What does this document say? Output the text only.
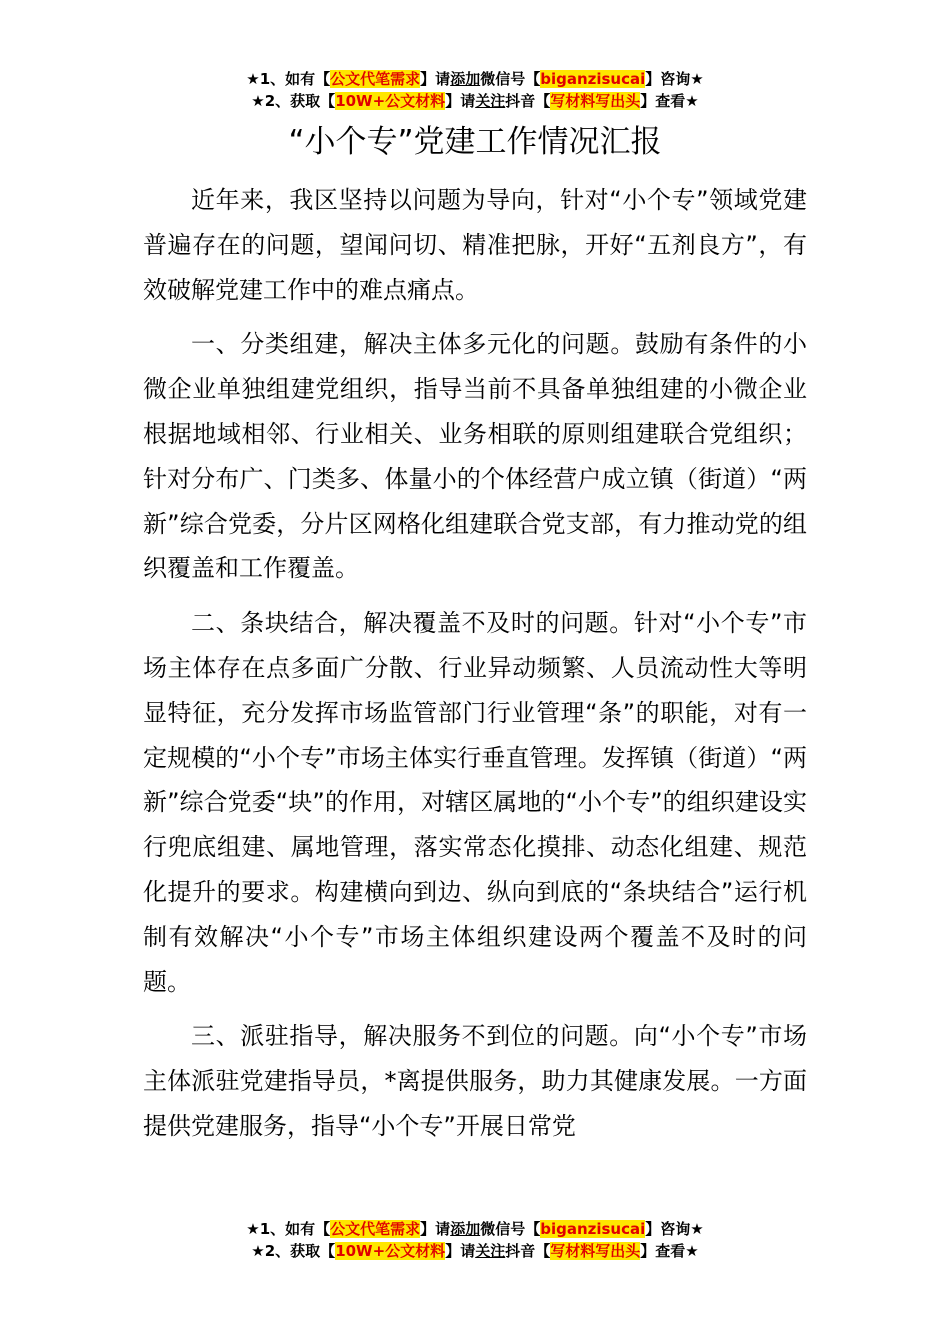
★1、如有【公文代笔需求】请添加微信号【biganzisucai】咨询★
★2、获取【10W+公文材料】请关注抖音【写材料写出头】查看★
“小个专”党建工作情况汇报

近年来，我区坚持以问题为导向，针对“小个专”领域党建普遍存在的问题，望闻问切、精准把脉，开好“五剂良方”，有效破解党建工作中的难点痛点。

一、分类组建，解决主体多元化的问题。鼓励有条件的小微企业单独组建党组织，指导当前不具备单独组建的小微企业根据地域相邻、行业相关、业务相联的原则组建联合党组织；针对分布广、门类多、体量小的个体经营户成立镇（街道）“两新”综合党委，分片区网格化组建联合党支部，有力推动党的组织覆盖和工作覆盖。

二、条块结合，解决覆盖不及时的问题。针对“小个专”市场主体存在点多面广分散、行业异动频繁、人员流动性大等明显特征，充分发挥市场监管部门行业管理“条”的职能，对有一定规模的“小个专”市场主体实行垂直管理。发挥镇（街道）“两新”综合党委“块”的作用，对辖区属地的“小个专”的组织建设实行兜底组建、属地管理，落实常态化摸排、动态化组建、规范化提升的要求。构建横向到边、纵向到底的“条块结合”运行机制有效解决“小个专”市场主体组织建设两个覆盖不及时的问题。

三、派驻指导，解决服务不到位的问题。向“小个专”市场主体派驻党建指导员，*离提供服务，助力其健康发展。一方面提供党建服务，指导“小个专”开展日常党

★1、如有【公文代笔需求】请添加微信号【biganzisucai】咨询★
★2、获取【10W+公文材料】请关注抖音【写材料写出头】查看★
